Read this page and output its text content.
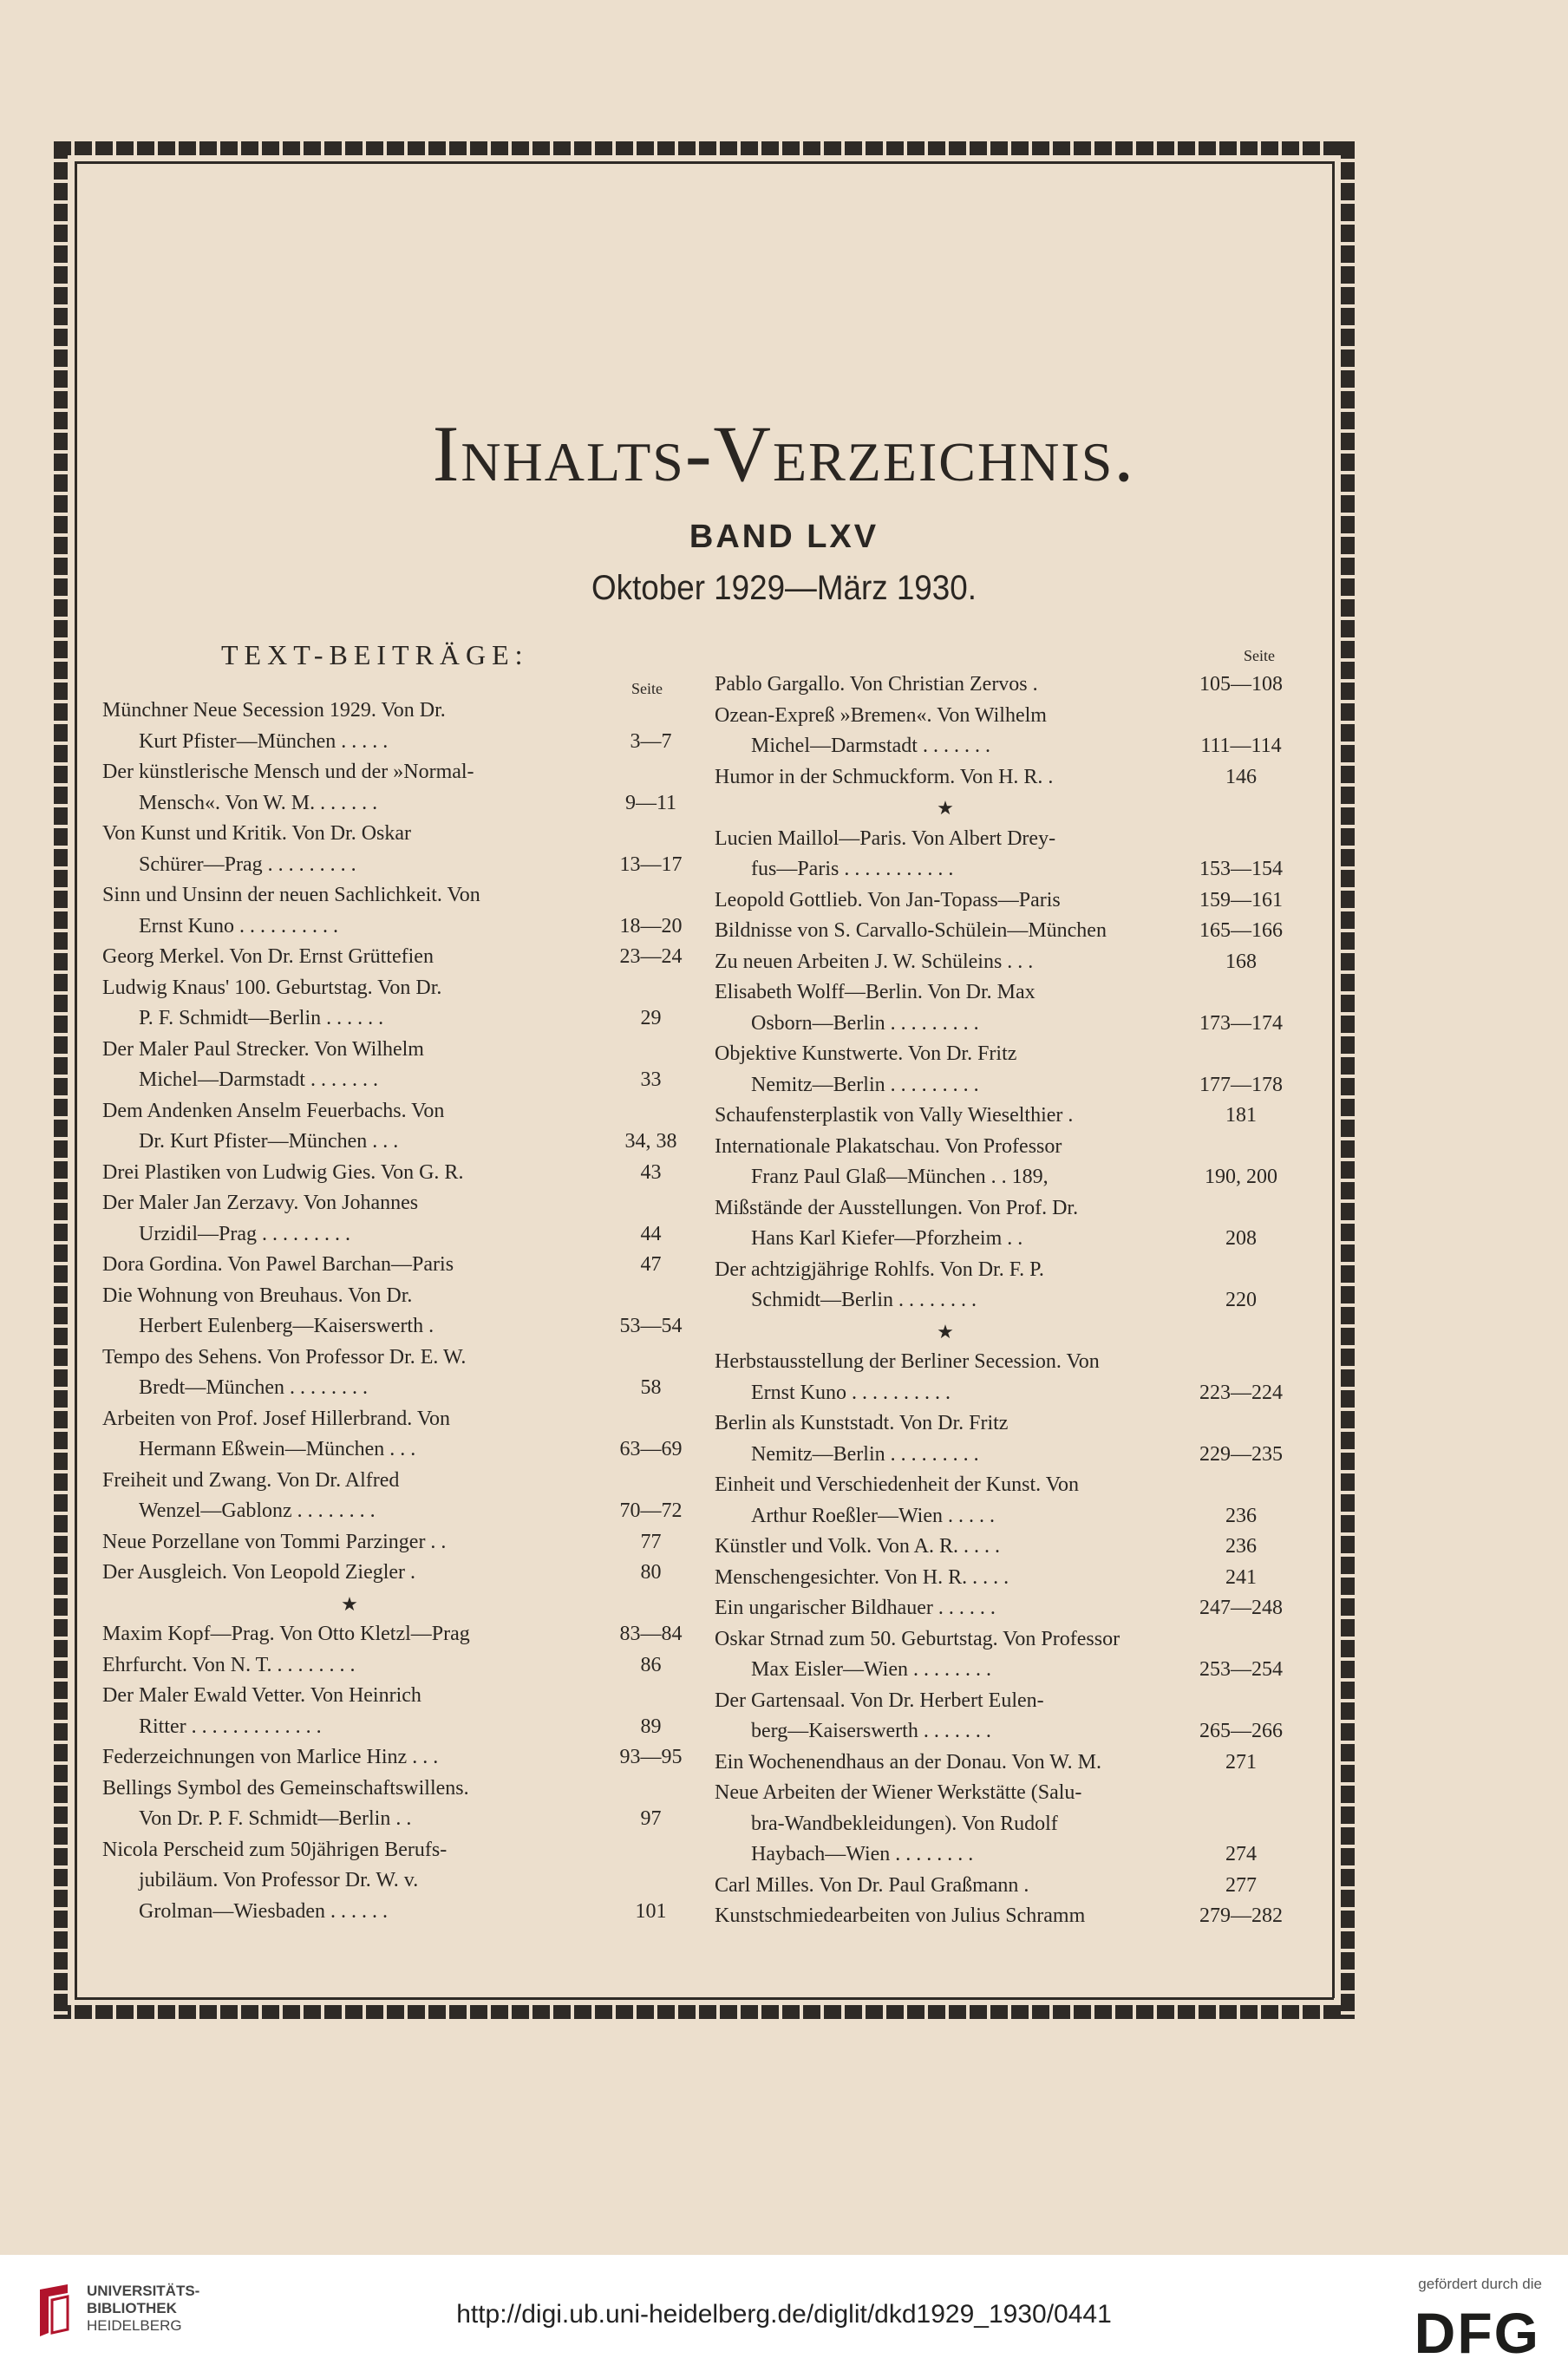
Inhalts-Verzeichnis.
BAND LXV
Oktober 1929—März 1930.
TEXT-BEITRÄGE:
Seite
Seite
Münchner Neue Secession 1929. Von Dr.
Kurt Pfister—München . . . . .	3—7
Der künstlerische Mensch und der »Normal-
Mensch«. Von W. M. . . . . . .	9—11
Von Kunst und Kritik. Von Dr. Oskar
Schürer—Prag . . . . . . . . .	13—17
Sinn und Unsinn der neuen Sachlichkeit. Von
Ernst Kuno . . . . . . . . . .	18—20
Georg Merkel. Von Dr. Ernst Grüttefien	23—24
Ludwig Knaus' 100. Geburtstag. Von Dr.
P. F. Schmidt—Berlin . . . . . .	29
Der Maler Paul Strecker. Von Wilhelm
Michel—Darmstadt . . . . . . .	33
Dem Andenken Anselm Feuerbachs. Von
Dr. Kurt Pfister—München . . .	34, 38
Drei Plastiken von Ludwig Gies. Von G. R.	43
Der Maler Jan Zerzavy. Von Johannes
Urzidil—Prag . . . . . . . . .	44
Dora Gordina. Von Pawel Barchan—Paris	47
Die Wohnung von Breuhaus. Von Dr.
Herbert Eulenberg—Kaiserswerth .	53—54
Tempo des Sehens. Von Professor Dr. E. W.
Bredt—München . . . . . . . .	58
Arbeiten von Prof. Josef Hillerbrand. Von
Hermann Eßwein—München . . .	63—69
Freiheit und Zwang. Von Dr. Alfred
Wenzel—Gablonz . . . . . . . .	70—72
Neue Porzellane von Tommi Parzinger . .	77
Der Ausgleich. Von Leopold Ziegler .	80
★
Maxim Kopf—Prag. Von Otto Kletzl—Prag	83—84
Ehrfurcht. Von N. T. . . . . . . . .	86
Der Maler Ewald Vetter. Von Heinrich
Ritter . . . . . . . . . . . . .	89
Federzeichnungen von Marlice Hinz . . .	93—95
Bellings Symbol des Gemeinschaftswillens.
Von Dr. P. F. Schmidt—Berlin . .	97
Nicola Perscheid zum 50jährigen Berufs-
jubiläum. Von Professor Dr. W. v.
Grolman—Wiesbaden . . . . . .	101
Pablo Gargallo. Von Christian Zervos .	105—108
Ozean-Expreß »Bremen«. Von Wilhelm
Michel—Darmstadt . . . . . . .	111—114
Humor in der Schmuckform. Von H. R. .	146
★
Lucien Maillol—Paris. Von Albert Drey-
fus—Paris . . . . . . . . . . .	153—154
Leopold Gottlieb. Von Jan-Topass—Paris	159—161
Bildnisse von S. Carvallo-Schülein—München	165—166
Zu neuen Arbeiten J. W. Schüleins . . .	168
Elisabeth Wolff—Berlin. Von Dr. Max
Osborn—Berlin . . . . . . . . .	173—174
Objektive Kunstwerte. Von Dr. Fritz
Nemitz—Berlin . . . . . . . . .	177—178
Schaufensterplastik von Vally Wieselthier .	181
Internationale Plakatschau. Von Professor
Franz Paul Glaß—München . . 189,	190, 200
Mißstände der Ausstellungen. Von Prof. Dr.
Hans Karl Kiefer—Pforzheim . .	208
Der achtzigjährige Rohlfs. Von Dr. F. P.
Schmidt—Berlin . . . . . . . .	220
★
Herbstausstellung der Berliner Secession. Von
Ernst Kuno . . . . . . . . . .	223—224
Berlin als Kunststadt. Von Dr. Fritz
Nemitz—Berlin . . . . . . . . .	229—235
Einheit und Verschiedenheit der Kunst. Von
Arthur Roeßler—Wien . . . . .	236
Künstler und Volk. Von A. R. . . . .	236
Menschengesichter. Von H. R. . . . .	241
Ein ungarischer Bildhauer . . . . . .	247—248
Oskar Strnad zum 50. Geburtstag. Von Professor
Max Eisler—Wien . . . . . . . .	253—254
Der Gartensaal. Von Dr. Herbert Eulen-
berg—Kaiserswerth . . . . . . .	265—266
Ein Wochenendhaus an der Donau. Von W. M.	271
Neue Arbeiten der Wiener Werkstätte (Salu-
bra-Wandbekleidungen). Von Rudolf
Haybach—Wien . . . . . . . .	274
Carl Milles. Von Dr. Paul Graßmann .	277
Kunstschmiedearbeiten von Julius Schramm	279—282
UNIVERSITÄTS-
BIBLIOTHEK
HEIDELBERG	http://digi.ub.uni-heidelberg.de/diglit/dkd1929_1930/0441
gefördert durch die
DFG
